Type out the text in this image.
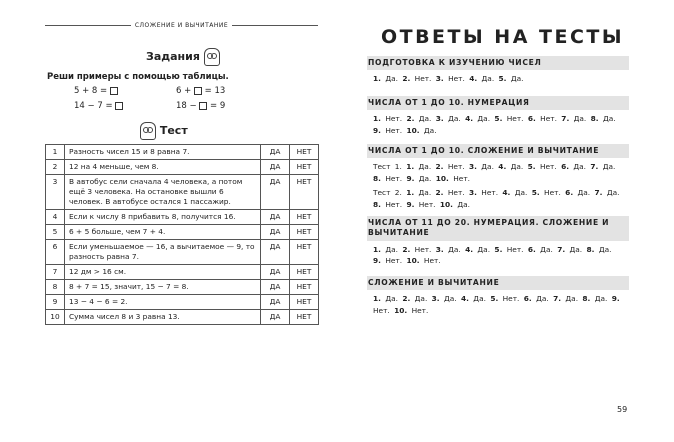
СЛОЖЕНИЕ И ВЫЧИТАНИЕ
Задания
Реши примеры с помощью таблицы.
5 + 8 =	6 + = 13
14 − 7 =	18 − = 9
Тест
1	Разность чисел 15 и 8 равна 7.	ДА	НЕТ
2	12 на 4 меньше, чем 8.	ДА	НЕТ
3	В автобус сели сначала 4 человека, а потом ещё 3 человека. На остановке вышли 6 человек. В автобусе остался 1 пассажир.	ДА	НЕТ
4	Если к числу 8 прибавить 8, получится 16.	ДА	НЕТ
5	6 + 5 больше, чем 7 + 4.	ДА	НЕТ
6	Если уменьшаемое — 16, а вычитаемое — 9, то разность равна 7.	ДА	НЕТ
7	12 дм > 16 см.	ДА	НЕТ
8	8 + 7 = 15, значит, 15 − 7 = 8.	ДА	НЕТ
9	13 − 4 − 6 = 2.	ДА	НЕТ
10	Сумма чисел 8 и 3 равна 13.	ДА	НЕТ
ОТВЕТЫ НА ТЕСТЫ
ПОДГОТОВКА К ИЗУЧЕНИЮ ЧИСЕЛ
1. Да. 2. Нет. 3. Нет. 4. Да. 5. Да.
ЧИСЛА ОТ 1 ДО 10. НУМЕРАЦИЯ
1. Нет. 2. Да. 3. Да. 4. Да. 5. Нет. 6. Нет. 7. Да. 8. Да. 9. Нет. 10. Да.
ЧИСЛА ОТ 1 ДО 10. СЛОЖЕНИЕ И ВЫЧИТАНИЕ
Тест 1. 1. Да. 2. Нет. 3. Да. 4. Да. 5. Нет. 6. Да. 7. Да. 8. Нет. 9. Да. 10. Нет.
Тест 2. 1. Да. 2. Нет. 3. Нет. 4. Да. 5. Нет. 6. Да. 7. Да. 8. Нет. 9. Нет. 10. Да.
ЧИСЛА ОТ 11 ДО 20. НУМЕРАЦИЯ. СЛОЖЕНИЕ И ВЫЧИТАНИЕ
1. Да. 2. Нет. 3. Да. 4. Да. 5. Нет. 6. Да. 7. Да. 8. Да. 9. Нет. 10. Нет.
СЛОЖЕНИЕ И ВЫЧИТАНИЕ
1. Да. 2. Да. 3. Да. 4. Да. 5. Нет. 6. Да. 7. Да. 8. Да. 9. Нет. 10. Нет.
59
